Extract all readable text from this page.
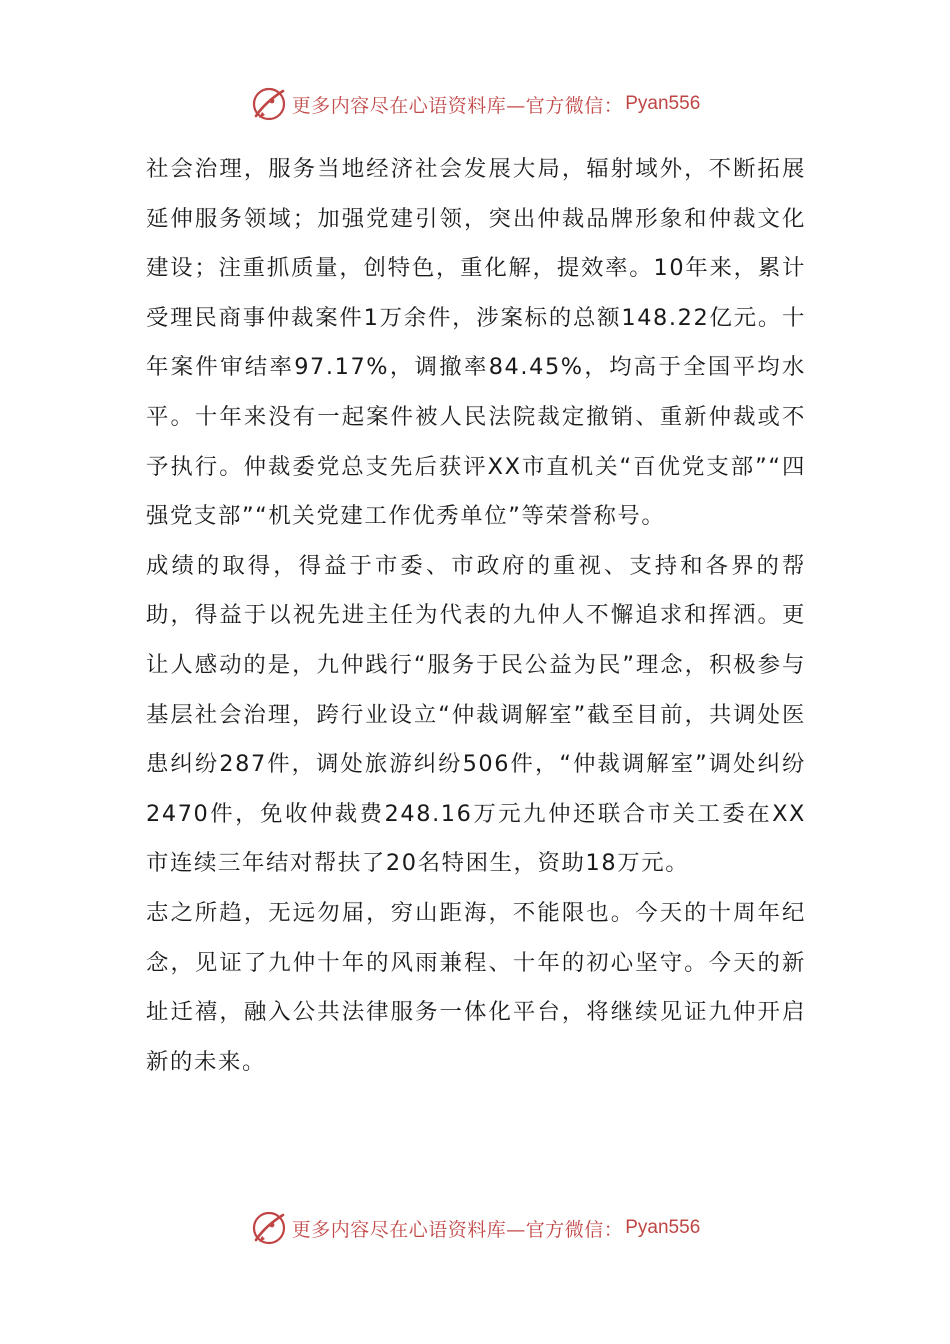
更多内容尽在心语资料库—官方微信： Pyan556

社会治理，服务当地经济社会发展大局，辐射域外，不断拓展延伸服务领域；加强党建引领，突出仲裁品牌形象和仲裁文化建设；注重抓质量，创特色，重化解，提效率。10年来，累计受理民商事仲裁案件1万余件，涉案标的总额148.22亿元。十年案件审结率97.17%，调撤率84.45%，均高于全国平均水平。十年来没有一起案件被人民法院裁定撤销、重新仲裁或不予执行。仲裁委党总支先后获评XX市直机关“百优党支部”“四强党支部”“机关党建工作优秀单位”等荣誉称号。

成绩的取得，得益于市委、市政府的重视、支持和各界的帮助，得益于以祝先进主任为代表的九仲人不懈追求和挥洒。更让人感动的是，九仲践行“服务于民公益为民”理念，积极参与基层社会治理，跨行业设立“仲裁调解室”截至目前，共调处医患纠纷287件，调处旅游纠纷506件，“仲裁调解室”调处纠纷2470件，免收仲裁费248.16万元九仲还联合市关工委在XX市连续三年结对帮扶了20名特困生，资助18万元。

志之所趋，无远勿届，穷山距海，不能限也。今天的十周年纪念，见证了九仲十年的风雨兼程、十年的初心坚守。今天的新址迁禧，融入公共法律服务一体化平台，将继续见证九仲开启新的未来。

更多内容尽在心语资料库—官方微信： Pyan556
